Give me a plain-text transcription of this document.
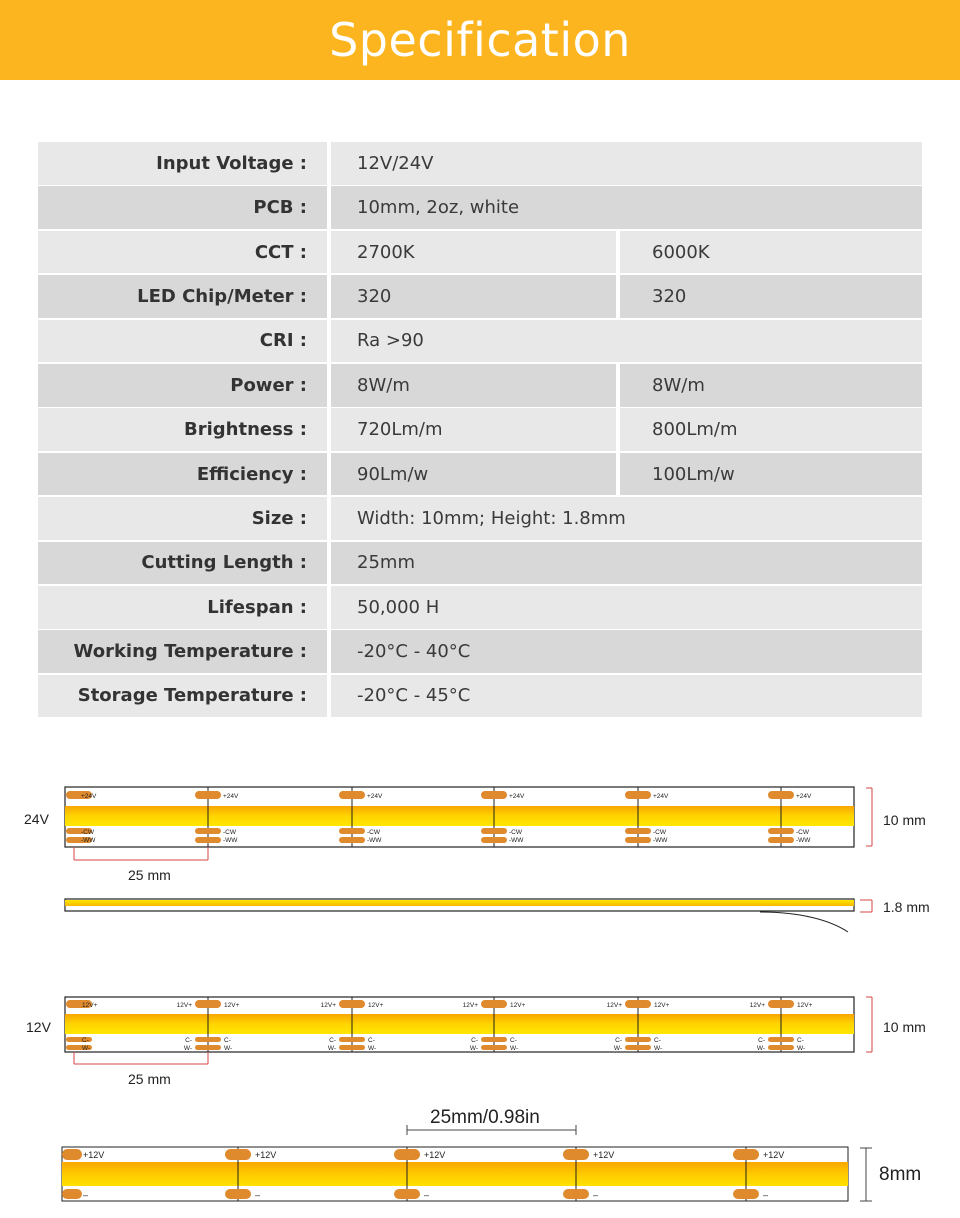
Specification
Input Voltage :	12V/24V
PCB :	10mm, 2oz, white
CCT :	2700K	6000K
LED Chip/Meter :	320	320
CRI :	Ra >90
Power :	8W/m	8W/m
Brightness :	720Lm/m	800Lm/m
Efficiency :	90Lm/w	100Lm/w
Size :	Width: 10mm; Height: 1.8mm
Cutting Length :	25mm
Lifespan :	50,000 H
Working Temperature :	-20°C - 40°C
Storage Temperature :	-20°C - 45°C
24V
+24V
-CW
-WW
+24V
-CW
-WW
+24V
-CW
-WW
+24V
-CW
-WW
+24V
-CW
-WW
+24V
-CW
-WW
10 mm
25 mm
1.8 mm
12V
12V+
C-
W-
12V+	12V+
C-
W-
C-
W-
12V+	12V+
C-
W-
C-
W-
12V+	12V+
C-
W-
C-
W-
12V+	12V+
C-
W-
C-
W-
12V+	12V+
C-
W-
C-
W-
10 mm
25 mm
25mm/0.98in
+12V
–
+12V
–
+12V
–
+12V
–
+12V
–
8mm
